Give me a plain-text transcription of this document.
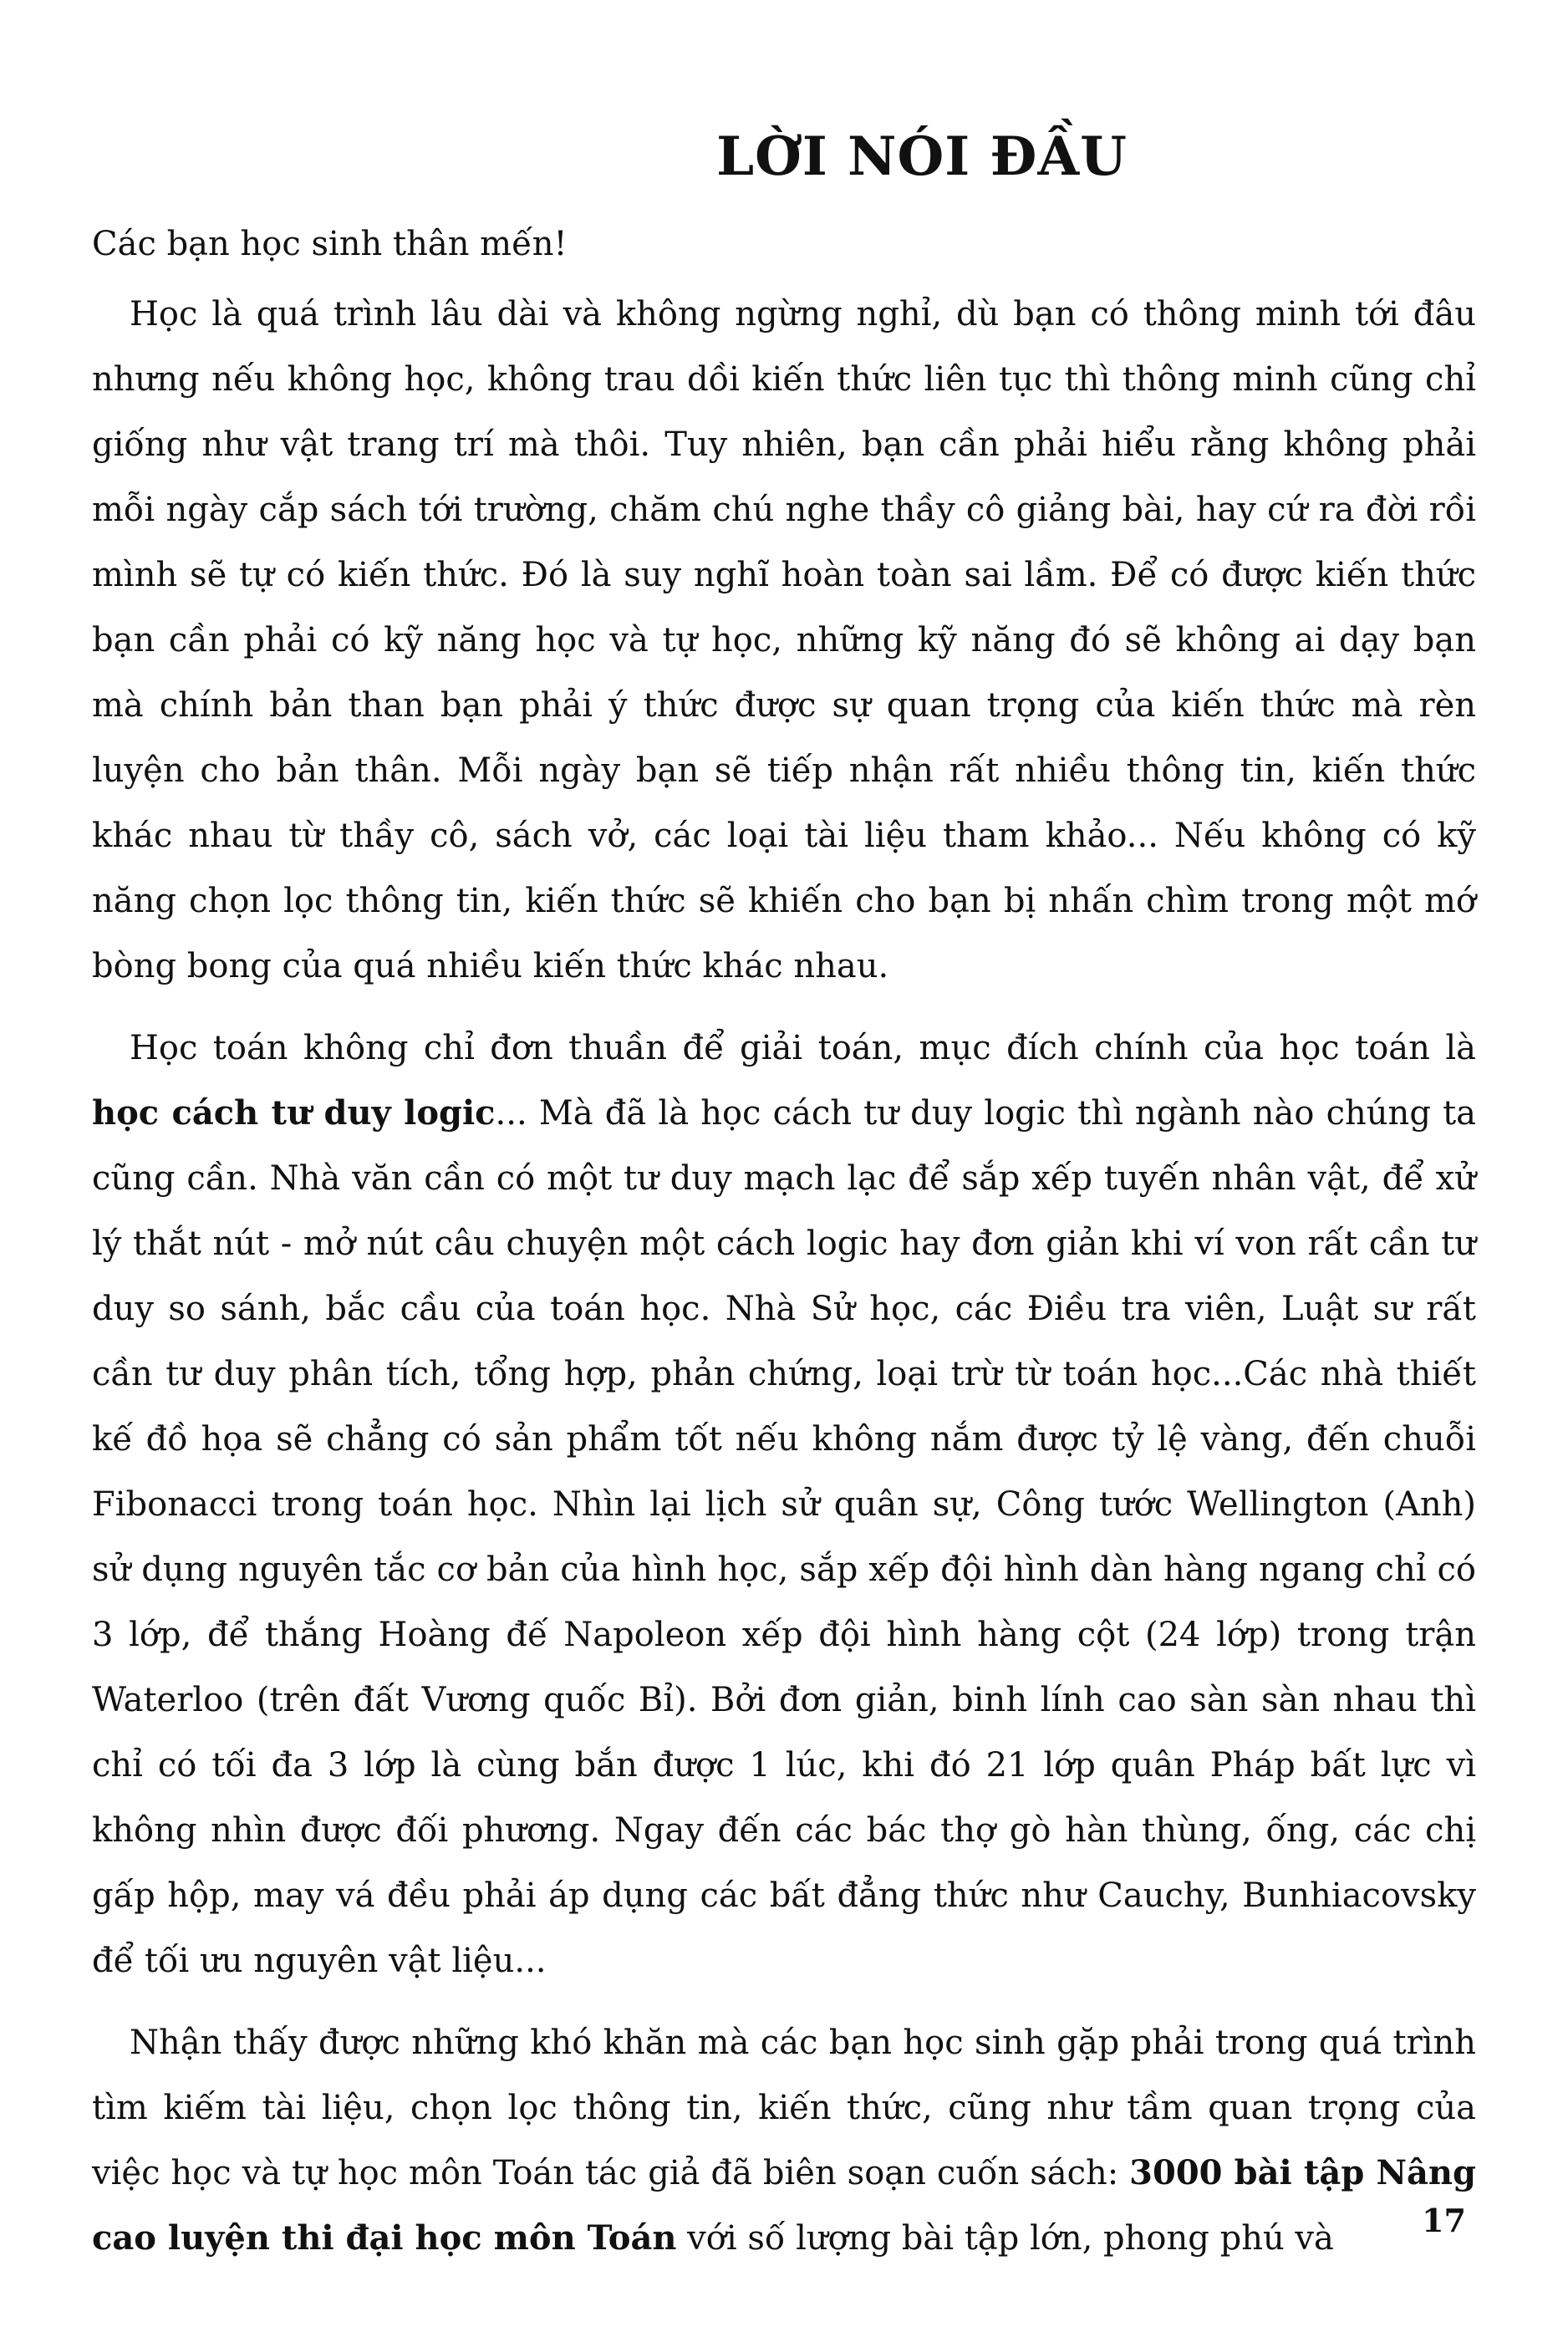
LỜI NÓI ĐẦU

Các bạn học sinh thân mến!

Học là quá trình lâu dài và không ngừng nghỉ, dù bạn có thông minh tới đâu nhưng nếu không học, không trau dồi kiến thức liên tục thì thông minh cũng chỉ giống như vật trang trí mà thôi. Tuy nhiên, bạn cần phải hiểu rằng không phải mỗi ngày cắp sách tới trường, chăm chú nghe thầy cô giảng bài, hay cứ ra đời rồi mình sẽ tự có kiến thức. Đó là suy nghĩ hoàn toàn sai lầm. Để có được kiến thức bạn cần phải có kỹ năng học và tự học, những kỹ năng đó sẽ không ai dạy bạn mà chính bản than bạn phải ý thức được sự quan trọng của kiến thức mà rèn luyện cho bản thân. Mỗi ngày bạn sẽ tiếp nhận rất nhiều thông tin, kiến thức khác nhau từ thầy cô, sách vở, các loại tài liệu tham khảo... Nếu không có kỹ năng chọn lọc thông tin, kiến thức sẽ khiến cho bạn bị nhấn chìm trong một mớ bòng bong của quá nhiều kiến thức khác nhau.

Học toán không chỉ đơn thuần để giải toán, mục đích chính của học toán là học cách tư duy logic... Mà đã là học cách tư duy logic thì ngành nào chúng ta cũng cần. Nhà văn cần có một tư duy mạch lạc để sắp xếp tuyến nhân vật, để xử lý thắt nút - mở nút câu chuyện một cách logic hay đơn giản khi ví von rất cần tư duy so sánh, bắc cầu của toán học. Nhà Sử học, các Điều tra viên, Luật sư rất cần tư duy phân tích, tổng hợp, phản chứng, loại trừ từ toán học...Các nhà thiết kế đồ họa sẽ chẳng có sản phẩm tốt nếu không nắm được tỷ lệ vàng, đến chuỗi Fibonacci trong toán học. Nhìn lại lịch sử quân sự, Công tước Wellington (Anh) sử dụng nguyên tắc cơ bản của hình học, sắp xếp đội hình dàn hàng ngang chỉ có 3 lớp, để thắng Hoàng đế Napoleon xếp đội hình hàng cột (24 lớp) trong trận Waterloo (trên đất Vương quốc Bỉ). Bởi đơn giản, binh lính cao sàn sàn nhau thì chỉ có tối đa 3 lớp là cùng bắn được 1 lúc, khi đó 21 lớp quân Pháp bất lực vì không nhìn được đối phương. Ngay đến các bác thợ gò hàn thùng, ống, các chị gấp hộp, may vá đều phải áp dụng các bất đẳng thức như Cauchy, Bunhiacovsky để tối ưu nguyên vật liệu...

Nhận thấy được những khó khăn mà các bạn học sinh gặp phải trong quá trình tìm kiếm tài liệu, chọn lọc thông tin, kiến thức, cũng như tầm quan trọng của việc học và tự học môn Toán tác giả đã biên soạn cuốn sách: 3000 bài tập Nâng cao luyện thi đại học môn Toán với số lượng bài tập lớn, phong phú và	17
